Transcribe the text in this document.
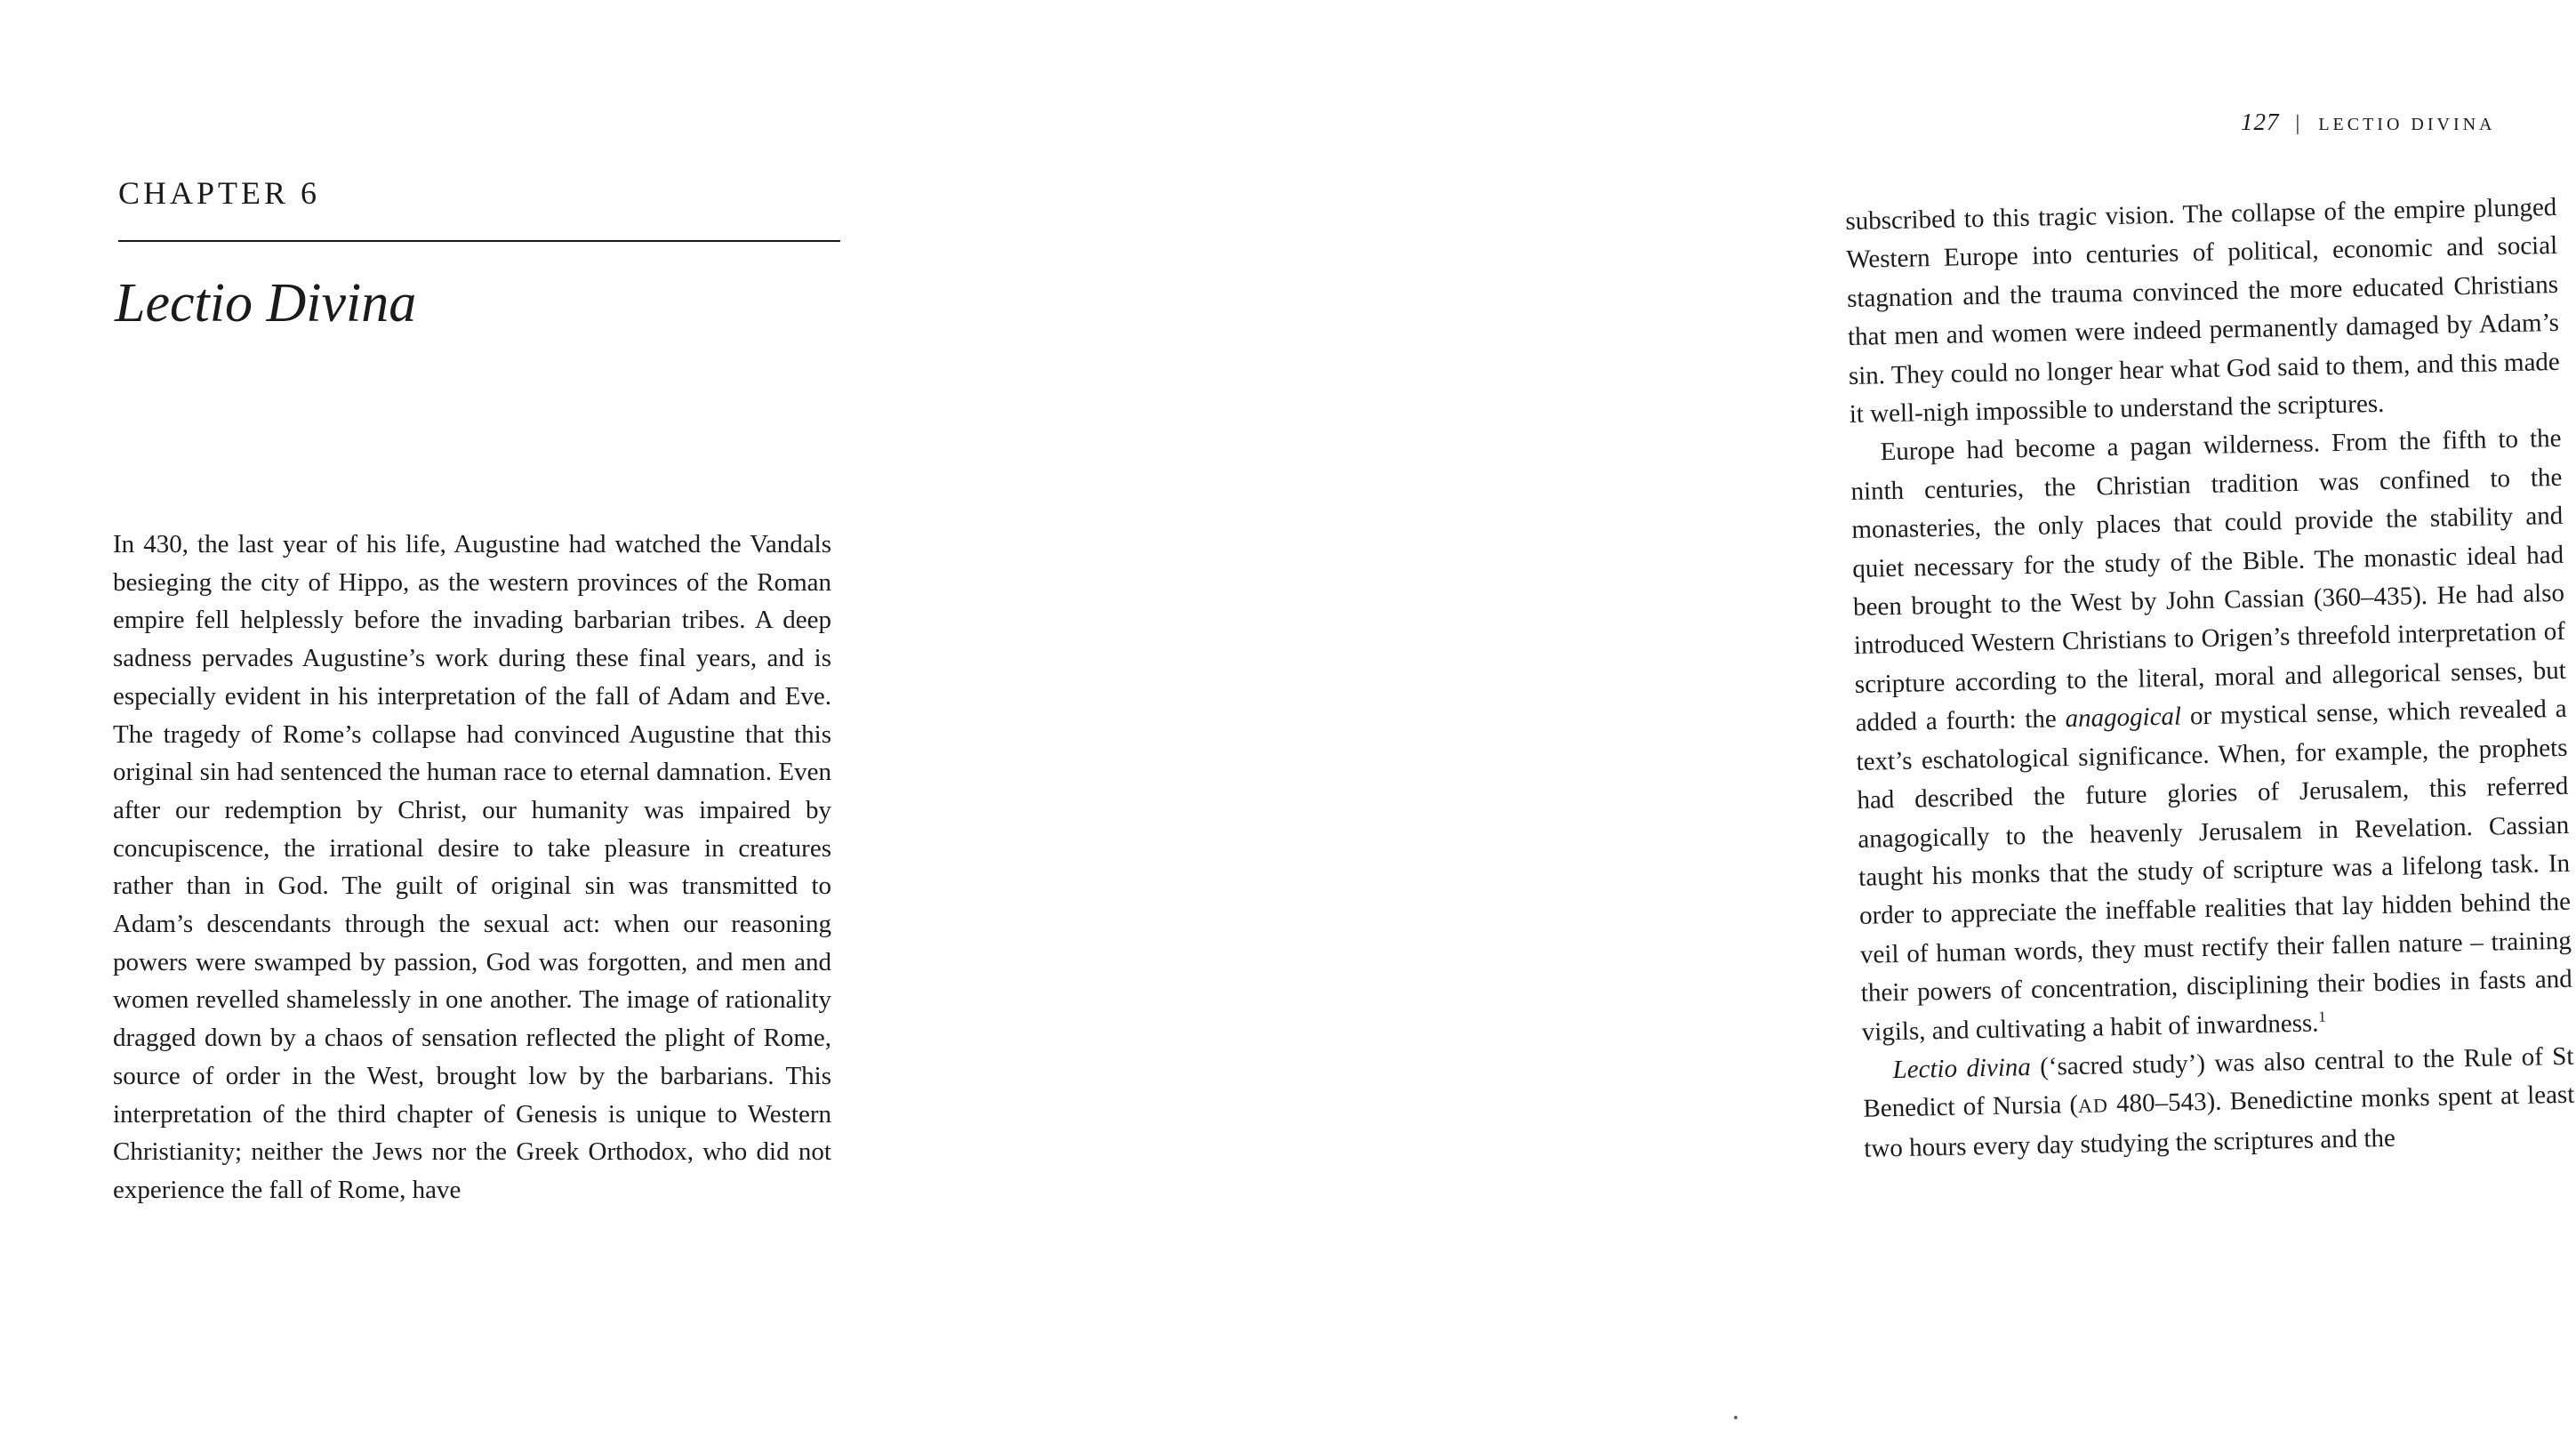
CHAPTER 6
Lectio Divina

In 430, the last year of his life, Augustine had watched the Vandals besieging the city of Hippo, as the western provinces of the Roman empire fell helplessly before the invading barbarian tribes. A deep sadness pervades Augustine’s work during these final years, and is especially evident in his interpretation of the fall of Adam and Eve. The tragedy of Rome’s collapse had convinced Augustine that this original sin had sentenced the human race to eternal damnation. Even after our redemption by Christ, our humanity was impaired by concupiscence, the irrational desire to take pleasure in creatures rather than in God. The guilt of original sin was transmitted to Adam’s descendants through the sexual act: when our reasoning powers were swamped by passion, God was forgotten, and men and women revelled shamelessly in one another. The image of rationality dragged down by a chaos of sensation reflected the plight of Rome, source of order in the West, brought low by the barbarians. This interpretation of the third chapter of Genesis is unique to Western Christianity; neither the Jews nor the Greek Orthodox, who did not experience the fall of Rome, have

127 | LECTIO DIVINA

subscribed to this tragic vision. The collapse of the empire plunged Western Europe into centuries of political, economic and social stagnation and the trauma convinced the more educated Christians that men and women were indeed permanently damaged by Adam’s sin. They could no longer hear what God said to them, and this made it well-nigh impossible to understand the scriptures.

Europe had become a pagan wilderness. From the fifth to the ninth centuries, the Christian tradition was confined to the monasteries, the only places that could provide the stability and quiet necessary for the study of the Bible. The monastic ideal had been brought to the West by John Cassian (360–435). He had also introduced Western Christians to Origen’s threefold interpretation of scripture according to the literal, moral and allegorical senses, but added a fourth: the anagogical or mystical sense, which revealed a text’s eschatological significance. When, for example, the prophets had described the future glories of Jerusalem, this referred anagogically to the heavenly Jerusalem in Revelation. Cassian taught his monks that the study of scripture was a lifelong task. In order to appreciate the ineffable realities that lay hidden behind the veil of human words, they must rectify their fallen nature – training their powers of concentration, disciplining their bodies in fasts and vigils, and cultivating a habit of inwardness.$^1$

Lectio divina (‘sacred study’) was also central to the Rule of St Benedict of Nursia (AD 480–543). Benedictine monks spent at least two hours every day studying the scriptures and the
